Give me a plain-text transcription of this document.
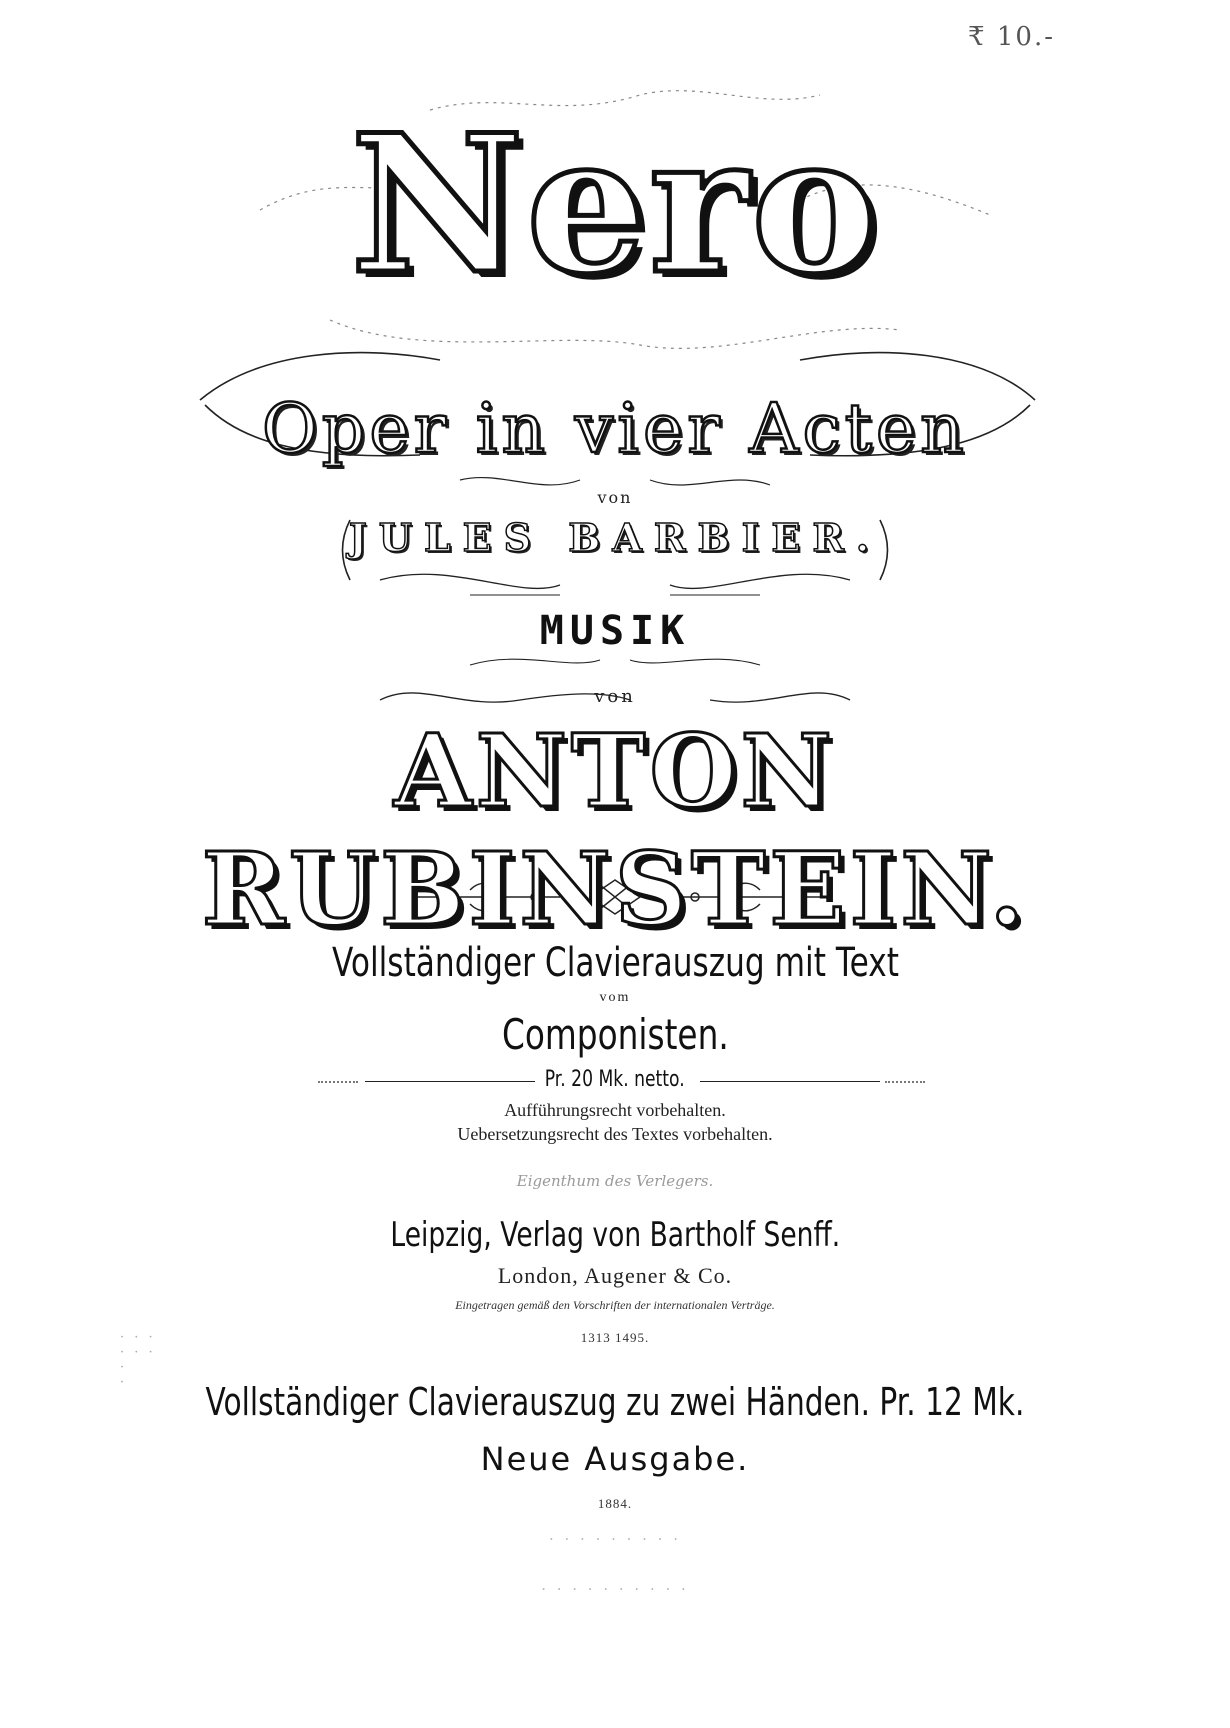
₹ 10.-
Nero
Oper in vier Acten
von
JULES BARBIER.
MUSIK
von
ANTON RUBINSTEIN.
Vollständiger Clavierauszug mit Text
vom
Componisten.
Pr. 20 Mk. netto.
Aufführungsrecht vorbehalten.
Uebersetzungsrecht des Textes vorbehalten.
Eigenthum des Verlegers.
Leipzig, Verlag von Bartholf Senff.
London, Augener & Co.
Eingetragen gemäß den Vorschriften der internationalen Verträge.
1313 1495.
Vollständiger Clavierauszug zu zwei Händen. Pr. 12 Mk.
Neue Ausgabe.
1884.
· · · · · · · · ·
· · · · · · · · · ·
· · ·
· · ·
·
·
